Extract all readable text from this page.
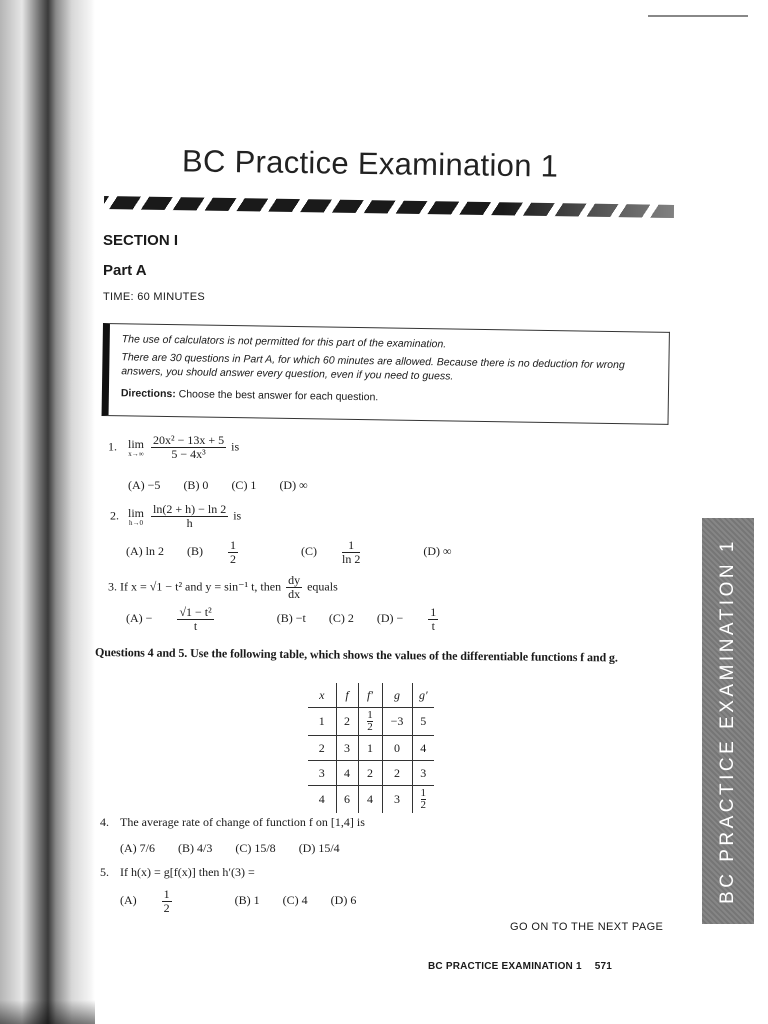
BC Practice Examination 1
SECTION I
Part A
TIME: 60 MINUTES

The use of calculators is not permitted for this part of the examination.

There are 30 questions in Part A, for which 60 minutes are allowed. Because there is no deduction for wrong answers, you should answer every question, even if you need to guess.

Directions: Choose the best answer for each question.

1. lim
x→∞
$\frac{\text{20x² − 13x + 5}}{\text{5 − 4x³}}$ is
(A) −5 (B) 0 (C) 1 (D) ∞
2. lim
h→0
$\frac{\ln(2 + h) - \ln 2}{h}$ is
(A) ln 2 $(B) \frac{1}{2}$	$(C) \frac{1}{\ln 2}$	(D) ∞
3. If x = √1 − t² and y = sin⁻¹ t, then $\frac{dy}{dx}$ equals
$(A) - \frac{\text{√1 − t²}}{t}$	(B) −t (C) 2 $(D) - \frac{1}{t}$
Questions 4 and 5. Use the following table, which shows the values of the differentiable functions f and g.
x	f	f′	g	g′
1	2	$\frac{1}{2}$	−3	5
2	3	1	0	4
3	4	2	2	3
4	6	4	3	$\frac{1}{2}$
4. The average rate of change of function f on [1,4] is
(A) 7/6 (B) 4/3 (C) 15/8 (D) 15/4
5. If h(x) = g[f(x)] then h′(3) =
$(A) \frac{1}{2}$	(B) 1 (C) 4 (D) 6	BC PRACTICE EXAMINATION 1
GO ON TO THE NEXT PAGE
BC PRACTICE EXAMINATION 1 571
